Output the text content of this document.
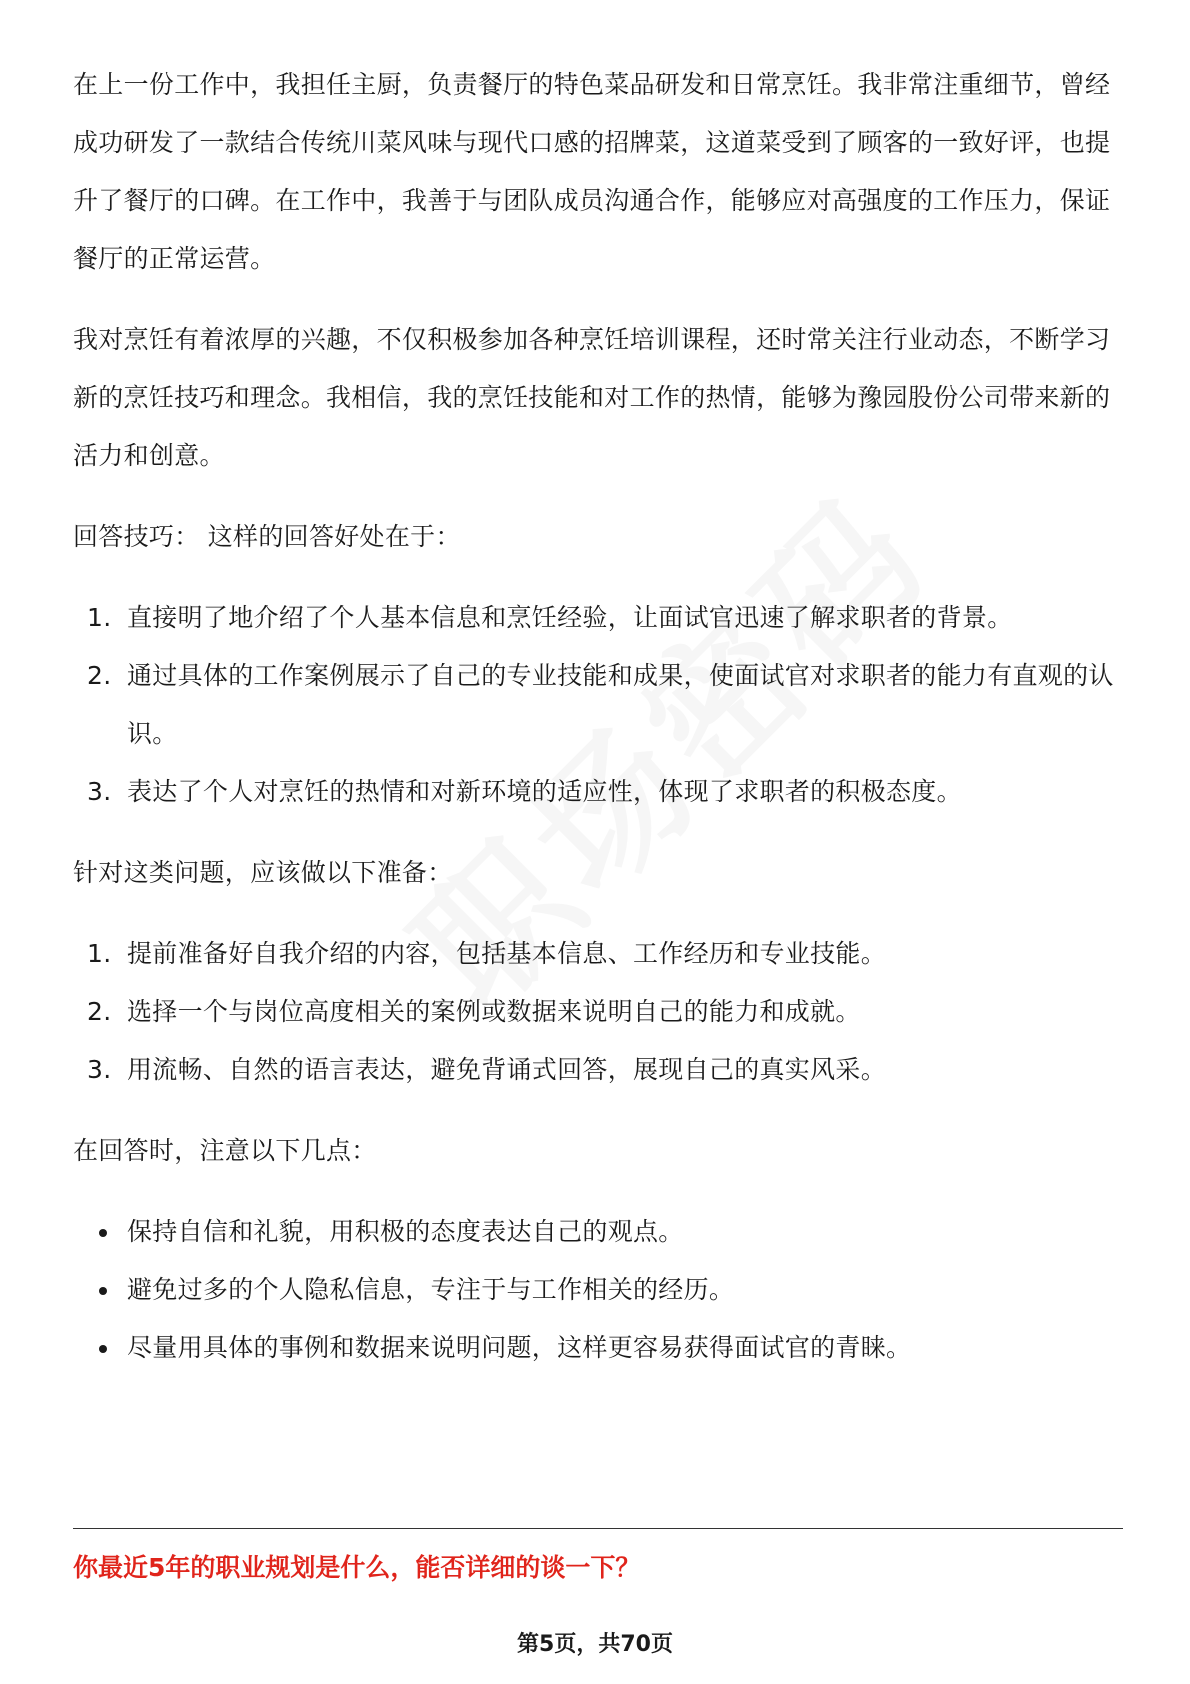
在上一份工作中，我担任主厨，负责餐厅的特色菜品研发和日常烹饪。我非常注重细节，曾经成功研发了一款结合传统川菜风味与现代口感的招牌菜，这道菜受到了顾客的一致好评，也提升了餐厅的口碑。在工作中，我善于与团队成员沟通合作，能够应对高强度的工作压力，保证餐厅的正常运营。

我对烹饪有着浓厚的兴趣，不仅积极参加各种烹饪培训课程，还时常关注行业动态，不断学习新的烹饪技巧和理念。我相信，我的烹饪技能和对工作的热情，能够为豫园股份公司带来新的活力和创意。

回答技巧： 这样的回答好处在于：

1. 直接明了地介绍了个人基本信息和烹饪经验，让面试官迅速了解求职者的背景。
2. 通过具体的工作案例展示了自己的专业技能和成果，使面试官对求职者的能力有直观的认识。
3. 表达了个人对烹饪的热情和对新环境的适应性，体现了求职者的积极态度。

针对这类问题，应该做以下准备：

1. 提前准备好自我介绍的内容，包括基本信息、工作经历和专业技能。
2. 选择一个与岗位高度相关的案例或数据来说明自己的能力和成就。
3. 用流畅、自然的语言表达，避免背诵式回答，展现自己的真实风采。

在回答时，注意以下几点：

保持自信和礼貌，用积极的态度表达自己的观点。
避免过多的个人隐私信息，专注于与工作相关的经历。
尽量用具体的事例和数据来说明问题，这样更容易获得面试官的青睐。
你最近5年的职业规划是什么，能否详细的谈一下？
第5页，共70页
